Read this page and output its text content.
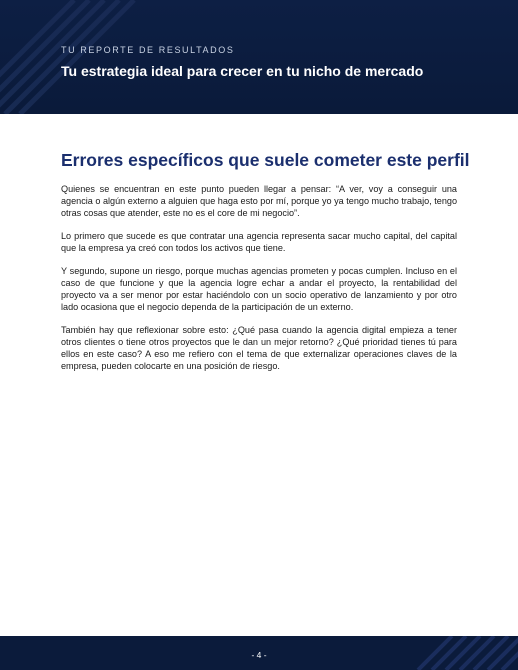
TU REPORTE DE RESULTADOS
Tu estrategia ideal para crecer en tu nicho de mercado
Errores específicos que suele cometer este perfil

Quienes se encuentran en este punto pueden llegar a pensar: “A ver, voy a conseguir una agencia o algún externo a alguien que haga esto por mí, porque yo ya tengo mucho trabajo, tengo otras cosas que atender, este no es el core de mi negocio”.

Lo primero que sucede es que contratar una agencia representa sacar mucho capital, del capital que la empresa ya creó con todos los activos que tiene.

Y segundo, supone un riesgo, porque muchas agencias prometen y pocas cumplen. Incluso en el caso de que funcione y que la agencia logre echar a andar el proyecto, la rentabilidad del proyecto va a ser menor por estar haciéndolo con un socio operativo de lanzamiento y por otro lado ocasiona que el negocio dependa de la participación de un externo.

También hay que reflexionar sobre esto: ¿Qué pasa cuando la agencia digital empieza a tener otros clientes o tiene otros proyectos que le dan un mejor retorno? ¿Qué prioridad tienes tú para ellos en este caso? A eso me refiero con el tema de que externalizar operaciones claves de la empresa, pueden colocarte en una posición de riesgo.

- 4 -
